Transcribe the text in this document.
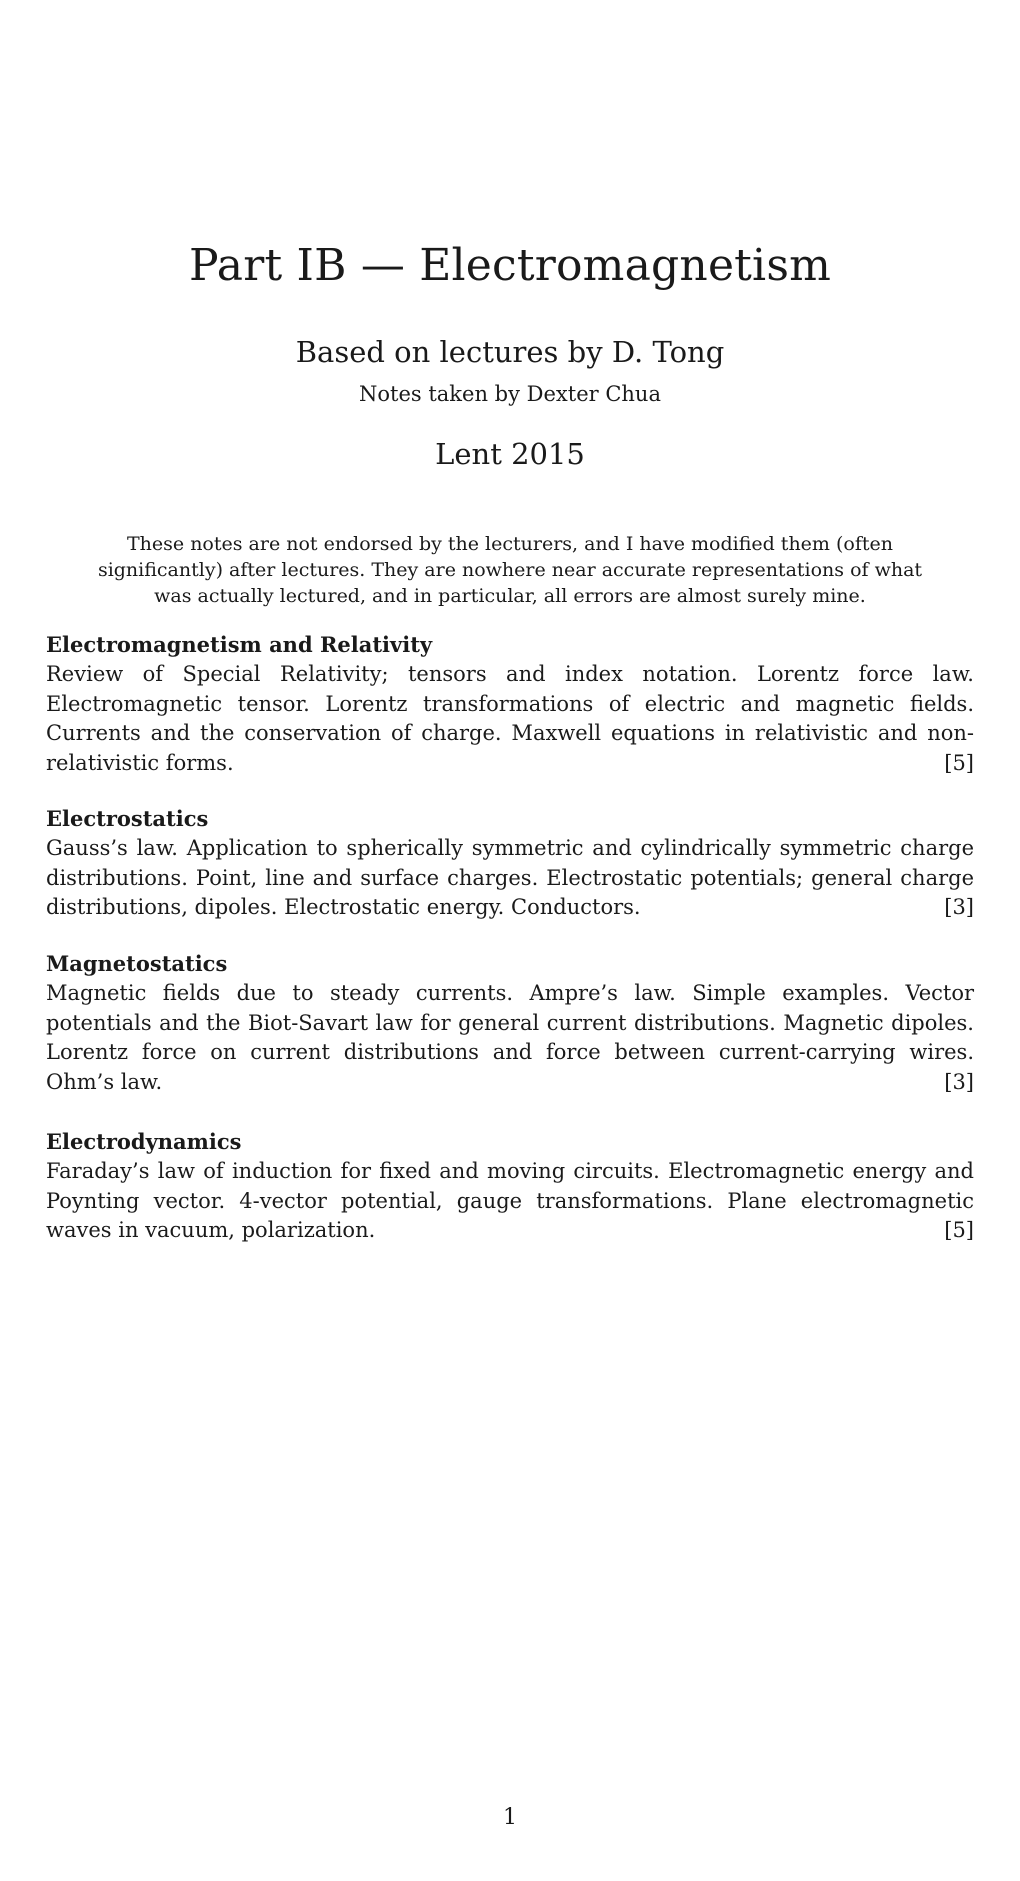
Part IB — Electromagnetism
Based on lectures by D. Tong
Notes taken by Dexter Chua
Lent 2015

These notes are not endorsed by the lecturers, and I have modified them (often significantly) after lectures. They are nowhere near accurate representations of what was actually lectured, and in particular, all errors are almost surely mine.

Electromagnetism and Relativity

Review of Special Relativity; tensors and index notation. Lorentz force law. Electromagnetic tensor. Lorentz transformations of electric and magnetic fields. Currents and the conservation of charge. Maxwell equations in relativistic and non-relativistic forms.	[5]

Electrostatics

Gauss’s law. Application to spherically symmetric and cylindrically symmetric charge distributions. Point, line and surface charges. Electrostatic potentials; general charge distributions, dipoles. Electrostatic energy. Conductors.	[3]

Magnetostatics

Magnetic fields due to steady currents. Ampre’s law. Simple examples. Vector potentials and the Biot-Savart law for general current distributions. Magnetic dipoles. Lorentz force on current distributions and force between current-carrying wires. Ohm’s law.	[3]

Electrodynamics

Faraday’s law of induction for fixed and moving circuits. Electromagnetic energy and Poynting vector. 4-vector potential, gauge transformations. Plane electromagnetic waves in vacuum, polarization.	[5]

1
